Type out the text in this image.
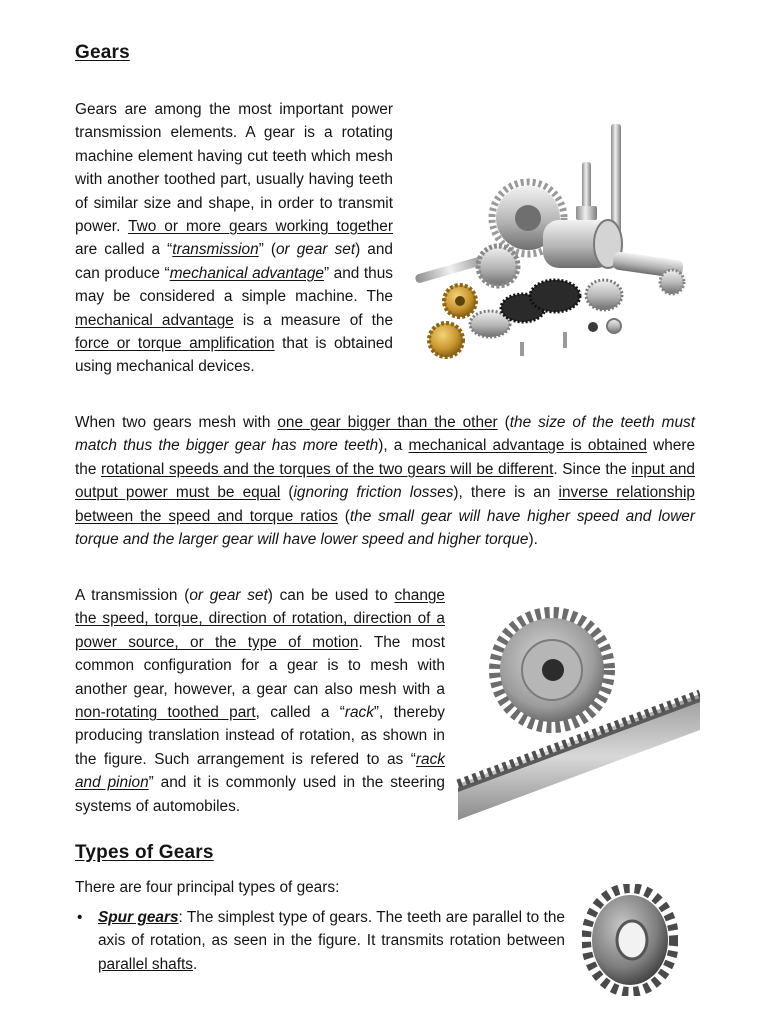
Gears

Gears are among the most important power transmission elements. A gear is a rotating machine element having cut teeth which mesh with another toothed part, usually having teeth of similar size and shape, in order to transmit power. Two or more gears working together are called a “transmission” (or gear set) and can produce “mechanical advantage” and thus may be considered a simple machine. The mechanical advantage is a measure of the force or torque amplification that is obtained using mechanical devices.

When two gears mesh with one gear bigger than the other (the size of the teeth must match thus the bigger gear has more teeth), a mechanical advantage is obtained where the rotational speeds and the torques of the two gears will be different. Since the input and output power must be equal (ignoring friction losses), there is an inverse relationship between the speed and torque ratios (the small gear will have higher speed and lower torque and the larger gear will have lower speed and higher torque).

A transmission (or gear set) can be used to change the speed, torque, direction of rotation, direction of a power source, or the type of motion. The most common configuration for a gear is to mesh with another gear, however, a gear can also mesh with a non-rotating toothed part, called a “rack”, thereby producing translation instead of rotation, as shown in the figure. Such arrangement is refered to as “rack and pinion” and it is commonly used in the steering systems of automobiles.

Types of Gears

There are four principal types of gears:

• Spur gears: The simplest type of gears. The teeth are parallel to the axis of rotation, as seen in the figure. It transmits rotation between parallel shafts.
